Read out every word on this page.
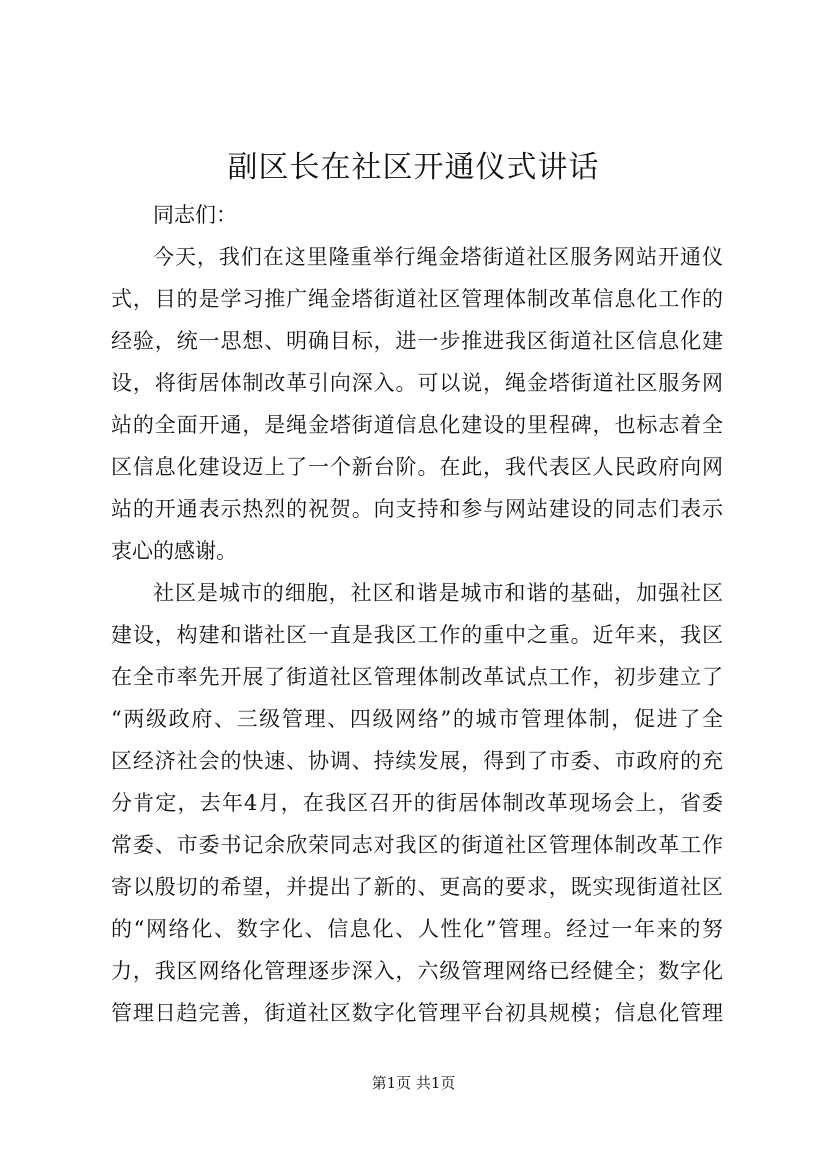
副区长在社区开通仪式讲话

同志们：

今天，我们在这里隆重举行绳金塔街道社区服务网站开通仪

式，目的是学习推广绳金塔街道社区管理体制改革信息化工作的

经验，统一思想、明确目标，进一步推进我区街道社区信息化建

设，将街居体制改革引向深入。可以说，绳金塔街道社区服务网

站的全面开通，是绳金塔街道信息化建设的里程碑，也标志着全

区信息化建设迈上了一个新台阶。在此，我代表区人民政府向网

站的开通表示热烈的祝贺。向支持和参与网站建设的同志们表示

衷心的感谢。

社区是城市的细胞，社区和谐是城市和谐的基础，加强社区

建设，构建和谐社区一直是我区工作的重中之重。近年来，我区

在全市率先开展了街道社区管理体制改革试点工作，初步建立了

“两级政府、三级管理、四级网络”的城市管理体制，促进了全

区经济社会的快速、协调、持续发展，得到了市委、市政府的充

分肯定，去年4月，在我区召开的街居体制改革现场会上，省委

常委、市委书记余欣荣同志对我区的街道社区管理体制改革工作

寄以殷切的希望，并提出了新的、更高的要求，既实现街道社区

的“网络化、数字化、信息化、人性化”管理。经过一年来的努

力，我区网络化管理逐步深入，六级管理网络已经健全；数字化

管理日趋完善，街道社区数字化管理平台初具规模；信息化管理

第1页 共1页
